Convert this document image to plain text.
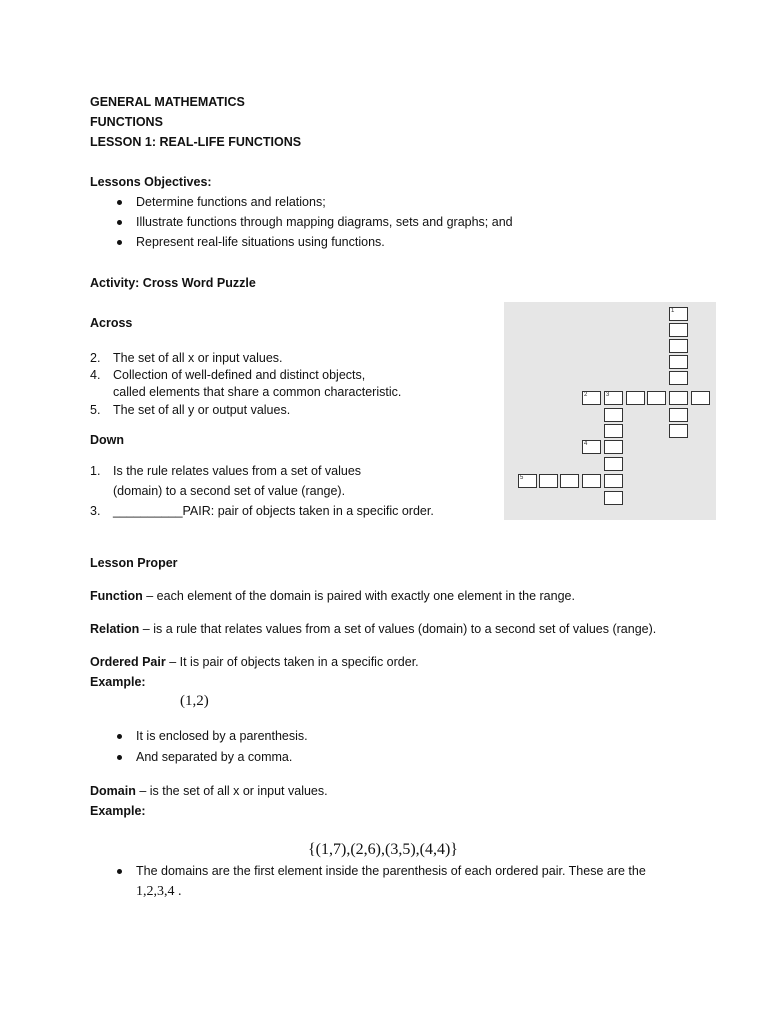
GENERAL MATHEMATICS
FUNCTIONS
LESSON 1: REAL-LIFE FUNCTIONS
Lessons Objectives:
Determine functions and relations;
Illustrate functions through mapping diagrams, sets and graphs; and
Represent real-life situations using functions.
Activity: Cross Word Puzzle
Across
2. The set of all x or input values.
4. Collection of well-defined and distinct objects,
called elements that share a common characteristic.
5. The set of all y or output values.
Down
1. Is the rule relates values from a set of values
(domain) to a second set of value (range).
3. __________PAIR: pair of objects taken in a specific order.
1
2	3
4
5
Lesson Proper
Function – each element of the domain is paired with exactly one element in the range.
Relation – is a rule that relates values from a set of values (domain) to a second set of values (range).
Ordered Pair – It is pair of objects taken in a specific order.
Example:
(1,2)
It is enclosed by a parenthesis.
And separated by a comma.
Domain – is the set of all x or input values.
Example:
{(1,7),(2,6),(3,5),(4,4)}
The domains are the first element inside the parenthesis of each ordered pair. These are the
1,2,3,4 .
